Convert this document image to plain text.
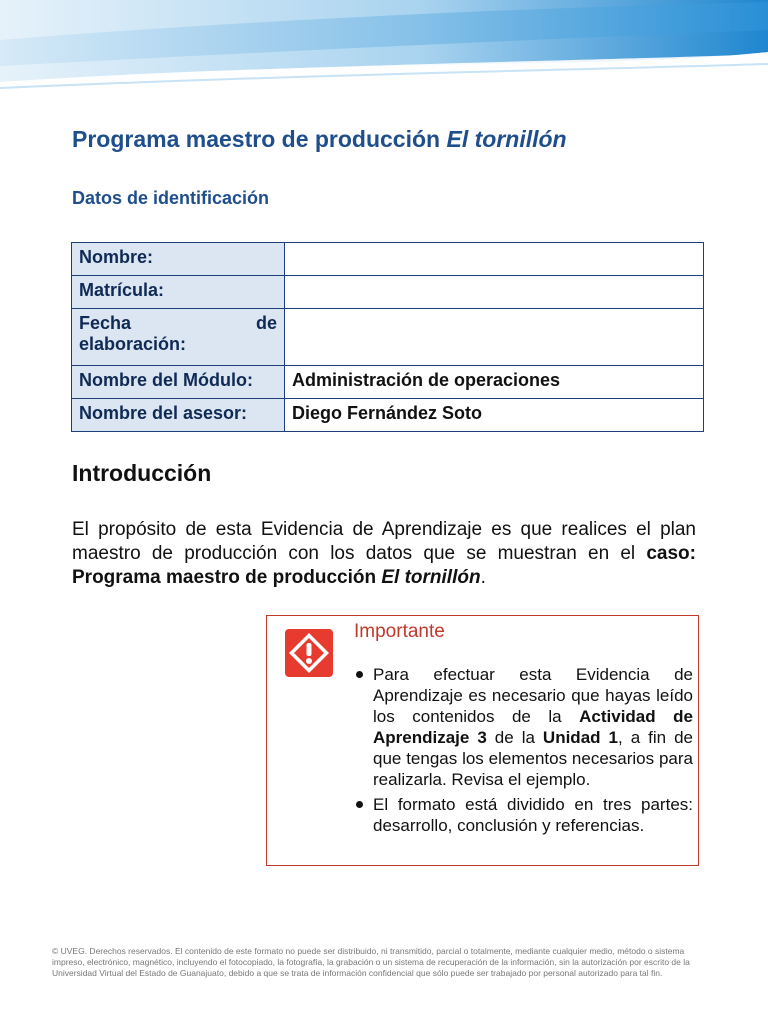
Programa maestro de producción El tornillón
Datos de identificación
Nombre:	
Matrícula:	

Fecha de
elaboración:	

Nombre del Módulo:	Administración de operaciones
Nombre del asesor:	Diego Fernández Soto
Introducción

El propósito de esta Evidencia de Aprendizaje es que realices el plan maestro de producción con los datos que se muestran en el caso: Programa maestro de producción El tornillón.

Importante
Para efectuar esta Evidencia de Aprendizaje es necesario que hayas leído los contenidos de la Actividad de Aprendizaje 3 de la Unidad 1, a fin de que tengas los elementos necesarios para realizarla. Revisa el ejemplo.
El formato está dividido en tres partes: desarrollo, conclusión y referencias.

© UVEG. Derechos reservados. El contenido de este formato no puede ser distribuido, ni transmitido, parcial o totalmente, mediante cualquier medio, método o sistema impreso, electrónico, magnético, incluyendo el fotocopiado, la fotografía, la grabación o un sistema de recuperación de la información, sin la autorización por escrito de la Universidad Virtual del Estado de Guanajuato, debido a que se trata de información confidencial que sólo puede ser trabajado por personal autorizado para tal fin.
